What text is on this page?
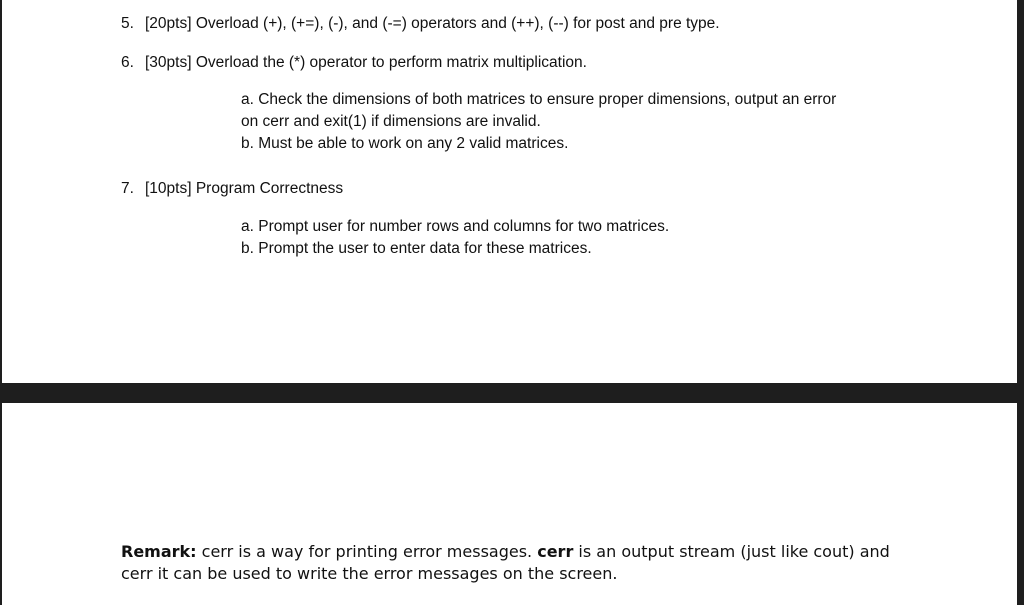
5. [20pts] Overload (+), (+=), (-), and (-=) operators and (++), (--) for post and pre type.
6. [30pts] Overload the (*) operator to perform matrix multiplication.
a. Check the dimensions of both matrices to ensure proper dimensions, output an error
on cerr and exit(1) if dimensions are invalid.
b. Must be able to work on any 2 valid matrices.
7. [10pts] Program Correctness
a. Prompt user for number rows and columns for two matrices.
b. Prompt the user to enter data for these matrices.
Remark: cerr is a way for printing error messages. cerr is an output stream (just like cout) and cerr it can be used to write the error messages on the screen.
